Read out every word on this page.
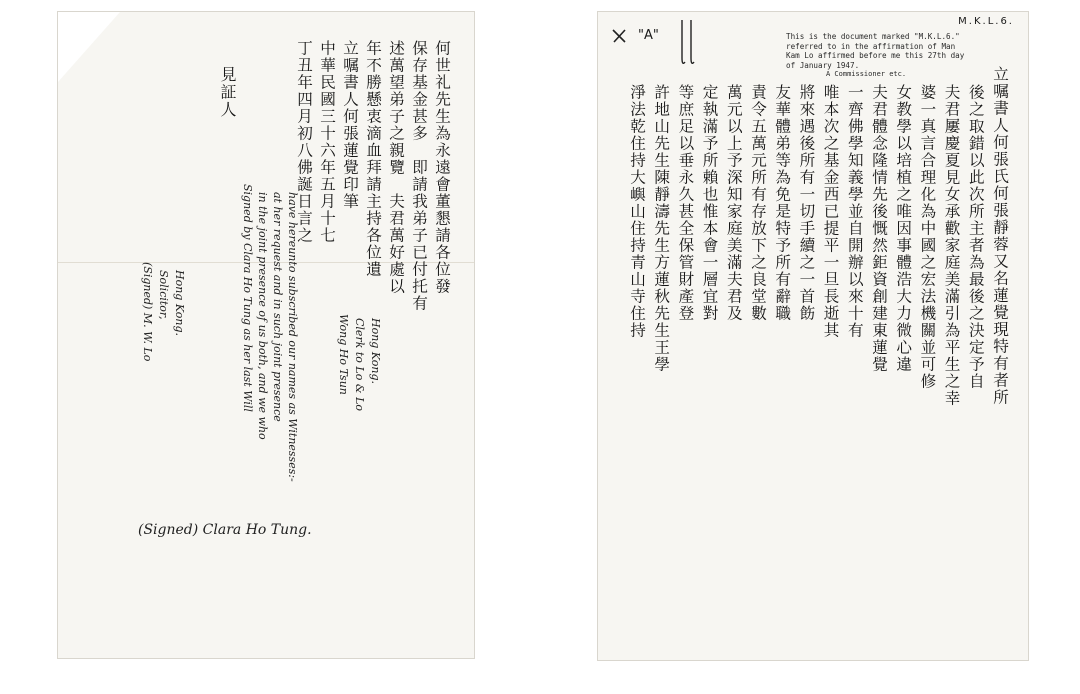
何世礼先生為永遠會董懇請各位發
保存基金甚多　即請我弟子已付托有
述萬望弟子之親覽　夫君萬好處以
年不勝懸衷滴血拜請主持各位遺
立嘱書人何張蓮覺印筆
中華民國三十六年五月十七
丁丑年四月初八佛誕日言之
見証人
Signed by Clara Ho Tung as her last Will in the joint presence of us both, and we who at her request and in such joint presence have hereunto subscribed our names as Witnesses:-
(Signed) M. W. Lo Solicitor, Hong Kong.
Wong Ho Tsun Clerk to Lo & Lo Hong Kong.
(Signed) Clara Ho Tung.
"A"
M.K.L.6.
This is the document marked "M.K.L.6."
referred to in the affirmation of Man
Kam Lo affirmed before me this 27th day
of January 1947.
A Commissioner etc.	立嘱書人何張氏何張靜蓉又名蓮覺現特有者所
後之取錯以此次所主者為最後之決定予自
夫君屢慶夏見女承歡家庭美滿引為平生之幸
婆一真言合理化為中國之宏法機關並可修
女教學以培植之唯因事體浩大力微心違
夫君體念隆情先後慨然鉅資創建東蓮覺
一齊佛學知義學並自開辦以來十有
唯本次之基金西已提平一旦長逝其
將來遇後所有一切手續之一首飭
友華體弟等為免是特予所有辭職
責令五萬元所有存放下之良堂數
萬元以上予深知家庭美滿夫君及
定執滿予所賴也惟本會一層宜對
等庶足以垂永久甚全保管財產登
許地山先生陳靜濤先生方蓮秋先生王學
淨法乾住持大嶼山住持青山寺住持
